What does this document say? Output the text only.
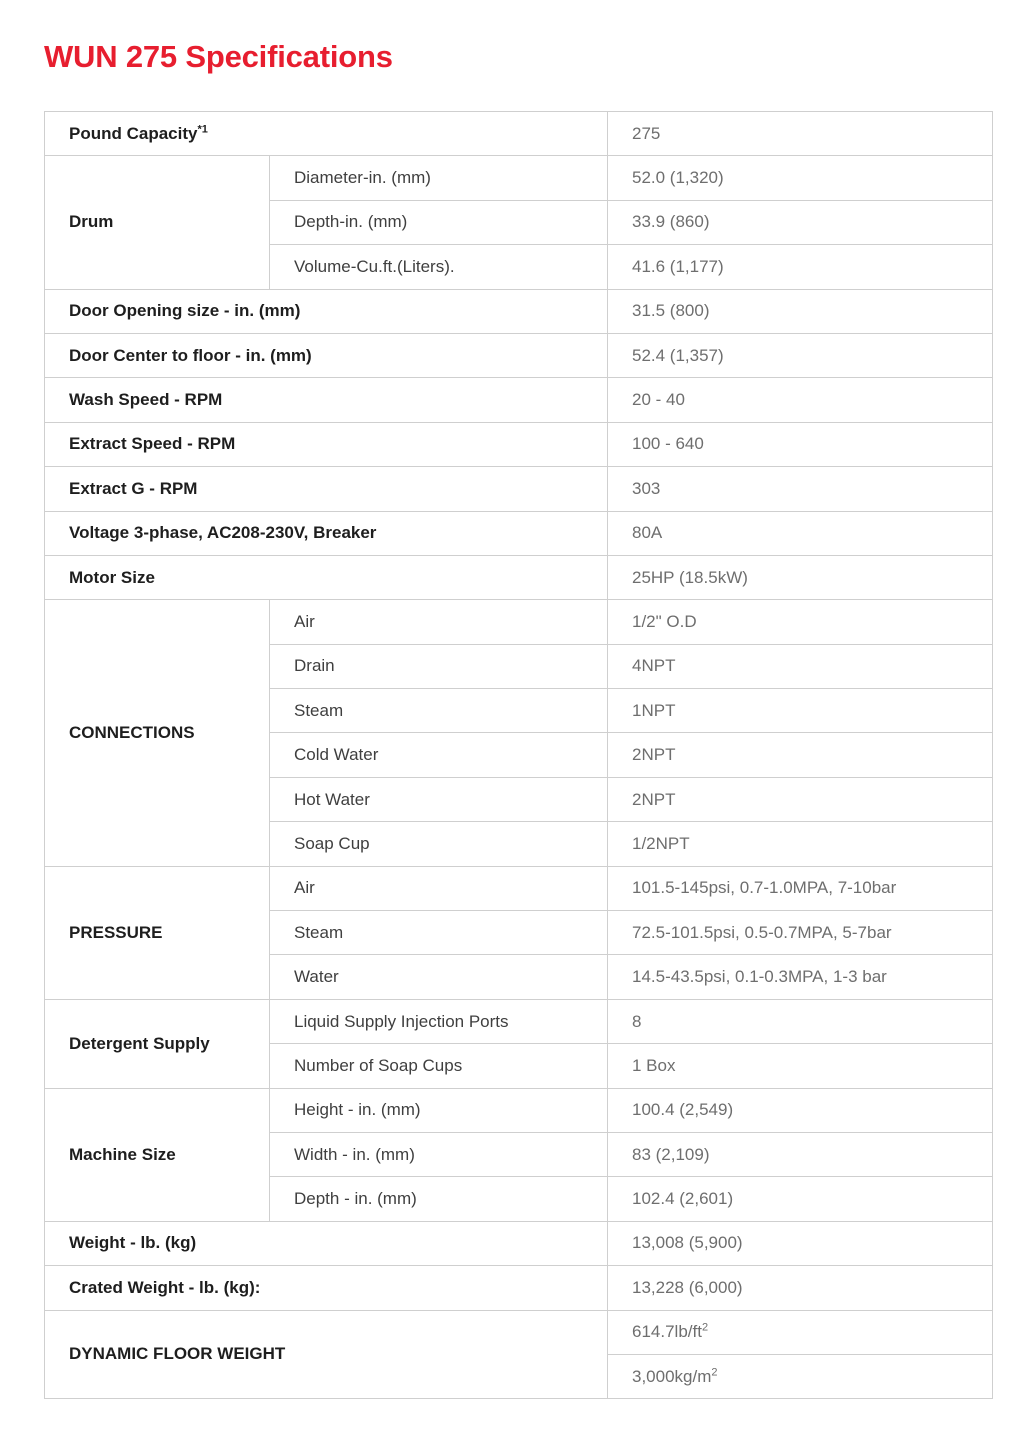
WUN 275 Specifications
Pound Capacity$^{*1}$		275
Drum	Diameter-in. (mm)	52.0 (1,320)
	Depth-in. (mm)	33.9 (860)
	Volume-Cu.ft.(Liters).	41.6 (1,177)
Door Opening size - in. (mm)		31.5 (800)
Door Center to floor - in. (mm)		52.4 (1,357)
Wash Speed - RPM		20 - 40
Extract Speed - RPM		100 - 640
Extract G - RPM		303
Voltage 3-phase, AC208-230V, Breaker		80A
Motor Size		25HP (18.5kW)
CONNECTIONS	Air	1/2" O.D
	Drain	4NPT
	Steam	1NPT
	Cold Water	2NPT
	Hot Water	2NPT
	Soap Cup	1/2NPT
PRESSURE	Air	101.5-145psi, 0.7-1.0MPA, 7-10bar
	Steam	72.5-101.5psi, 0.5-0.7MPA, 5-7bar
	Water	14.5-43.5psi, 0.1-0.3MPA, 1-3 bar
Detergent Supply	Liquid Supply Injection Ports	8
	Number of Soap Cups	1 Box
Machine Size	Height - in. (mm)	100.4 (2,549)
	Width - in. (mm)	83 (2,109)
	Depth - in. (mm)	102.4 (2,601)
Weight - lb. (kg)		13,008 (5,900)
Crated Weight - lb. (kg):		13,228 (6,000)
DYNAMIC FLOOR WEIGHT		$614.7lb/ft^2$
		$3,000kg/m^2$
